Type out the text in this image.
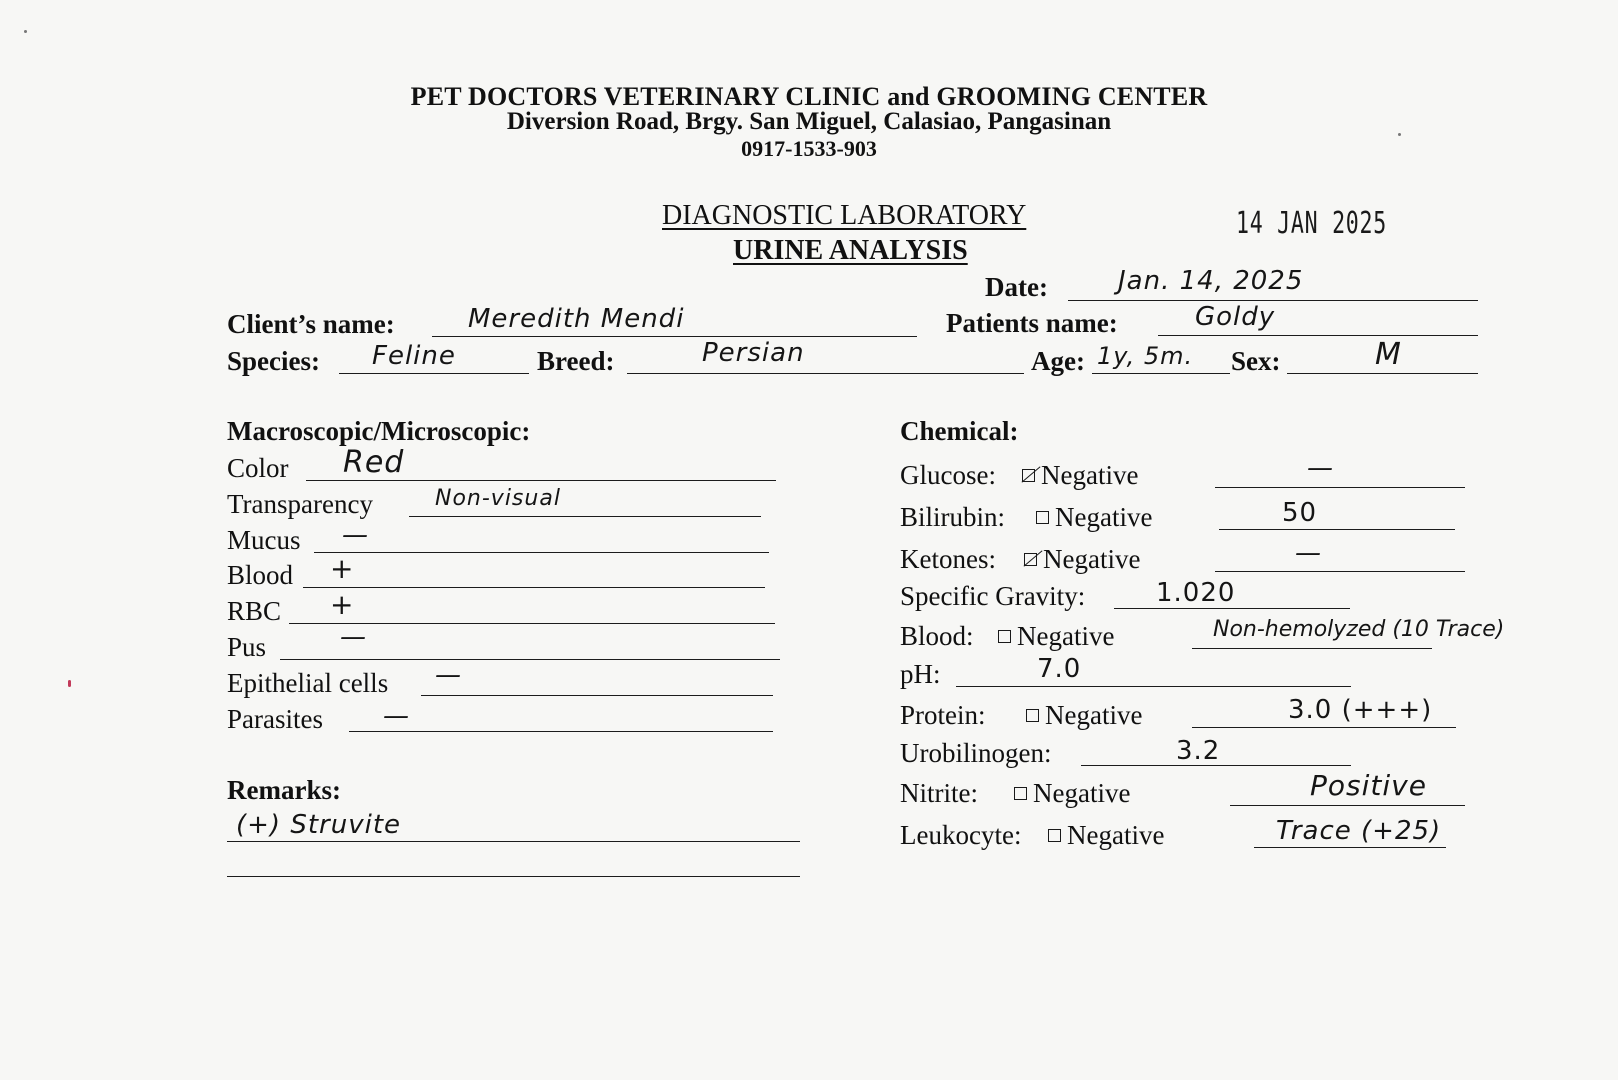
PET DOCTORS VETERINARY CLINIC and GROOMING CENTER
Diversion Road, Brgy. San Miguel, Calasiao, Pangasinan
0917-1533-903
DIAGNOSTIC LABORATORY
URINE ANALYSIS
14 JAN 2025
Date:	Jan. 14, 2025
Client’s name:	Meredith Mendi	Patients name:	Goldy
Species: Feline	Breed:	Persian	Age: 1y, 5m. Sex:	M
Macroscopic/Microscopic:
Color Red
Transparency	Non-visual
Mucus —
Blood +
RBC +
Pus	—
Epithelial cells —
Parasites —
Remarks:
(+) Struvite
Chemical:
Glucose:	Negative	—
Bilirubin:	Negative	50
Ketones:	Negative	—
Specific Gravity:	1.020
Blood:	Negative	Non-hemolyzed (10 Trace)
pH:	7.0
Protein:	Negative	3.0 (+++)
Urobilinogen:	3.2
Nitrite:	Negative	Positive
Leukocyte:	Negative	Trace (+25)
